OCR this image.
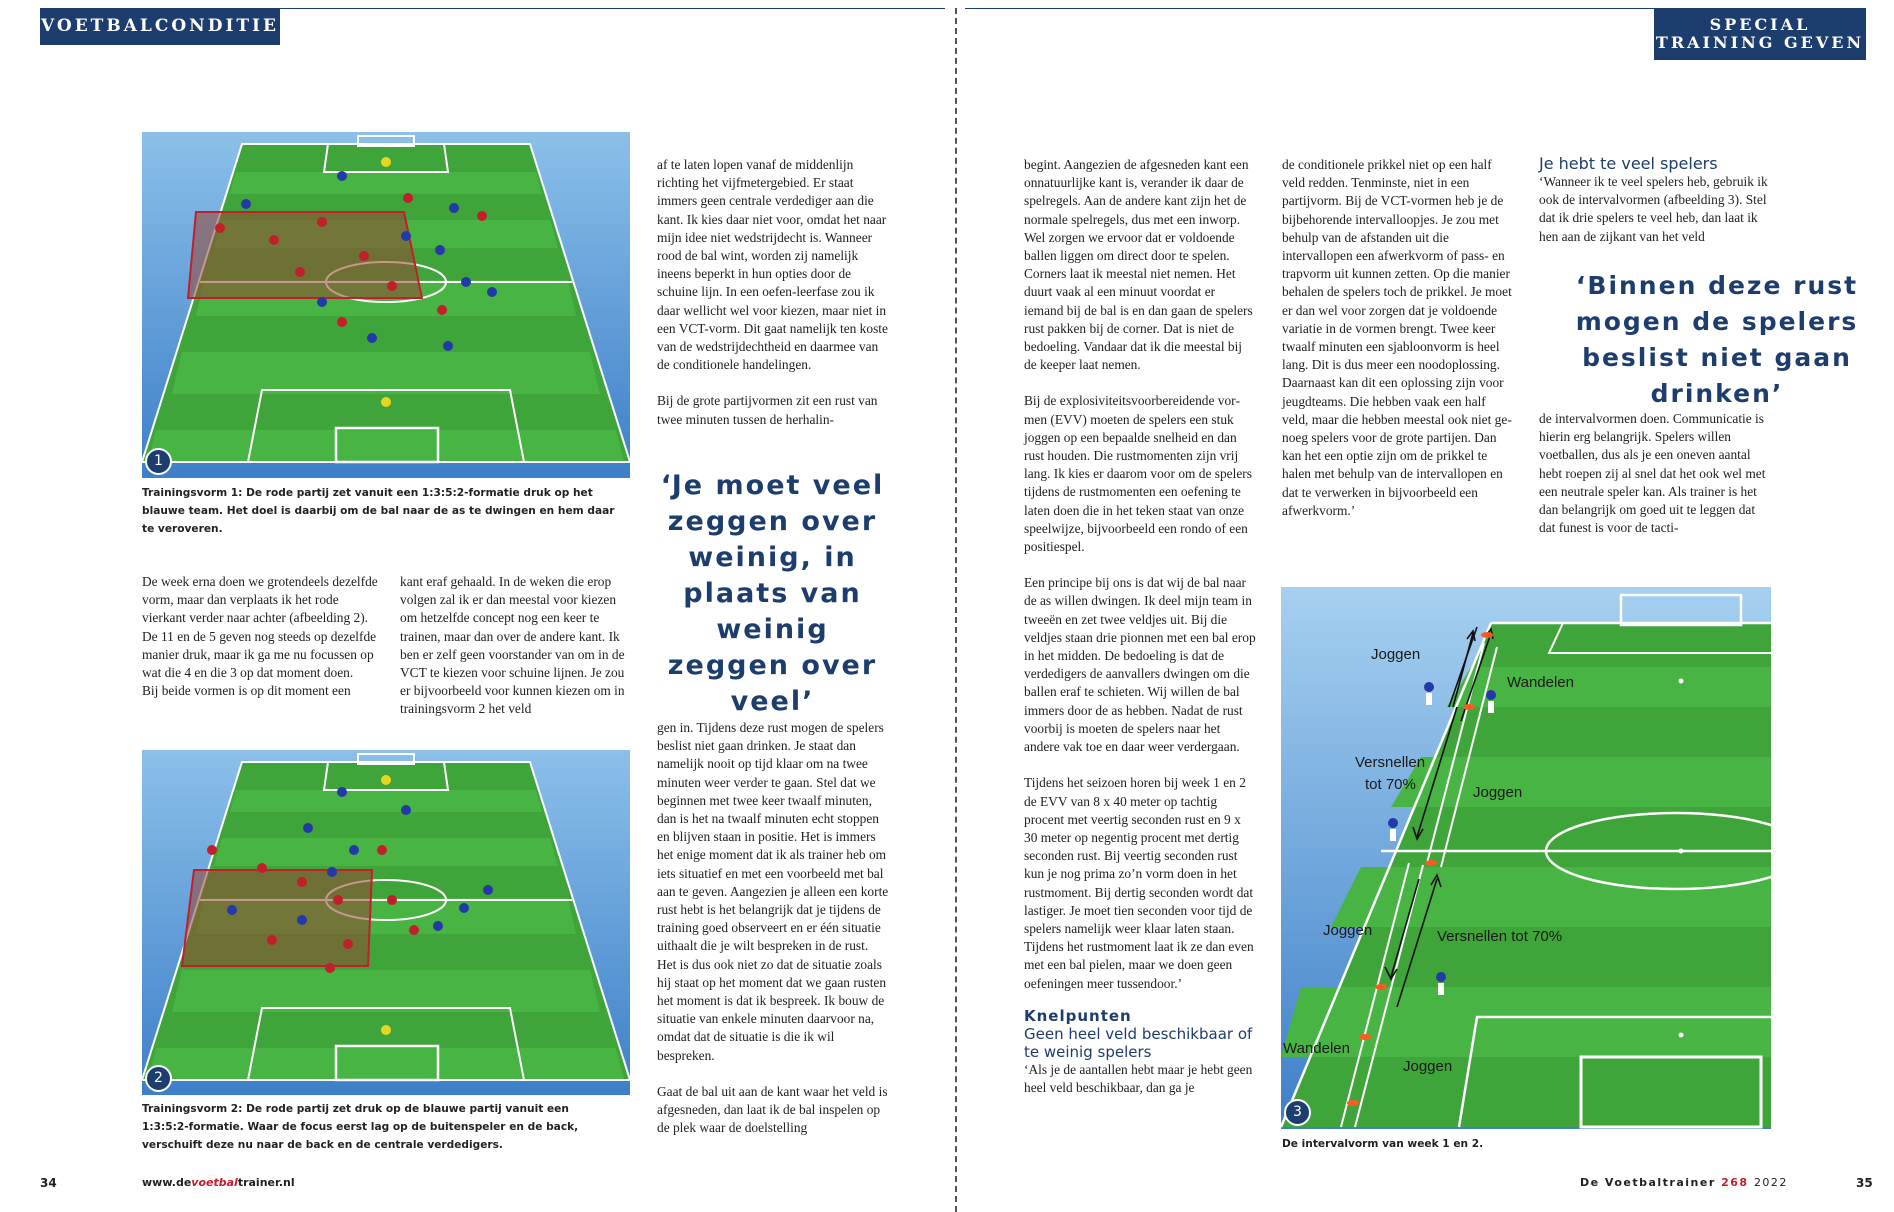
VOETBALCONDITIE	SPECIAL
TRAINING GEVEN
1
Trainingsvorm 1: De rode partij zet vanuit een 1:3:5:2-formatie druk op het blauwe team. Het doel is daarbij om de bal naar de as te dwingen en hem daar te veroveren.

De week erna doen we grotendeels dezelfde vorm, maar dan verplaats ik het rode vierkant verder naar achter (afbeelding 2). De 11 en de 5 geven nog steeds op dezelfde manier druk, maar ik ga me nu focussen op wat die 4 en die 3 op dat moment doen.

Bij beide vormen is op dit moment een

kant eraf gehaald. In de weken die erop volgen zal ik er dan meestal voor kiezen om hetzelfde concept nog een keer te trainen, maar dan over de andere kant. Ik ben er zelf geen voorstander van om in de VCT te kiezen voor schuine lijnen. Je zou er bijvoorbeeld voor kunnen kiezen om in trainingsvorm 2 het veld

2
Trainingsvorm 2: De rode partij zet druk op de blauwe partij vanuit een 1:3:5:2-formatie. Waar de focus eerst lag op de buitenspeler en de back, verschuift deze nu naar de back en de centrale verdedigers.

af te laten lopen vanaf de middenlijn richting het vijfmetergebied. Er staat immers geen centrale verdediger aan die kant. Ik kies daar niet voor, omdat het naar mijn idee niet wedstrijdecht is. Wanneer rood de bal wint, worden zij namelijk ineens beperkt in hun opties door de schuine lijn. In een oefen-leerfase zou ik daar wellicht wel voor kiezen, maar niet in een VCT-vorm. Dit gaat namelijk ten koste van de wedstrijdechtheid en daarmee van de conditionele handelingen.

Bij de grote partijvormen zit een rust van twee minuten tussen de herhalin-

‘Je moet veel zeggen over weinig, in plaats van weinig zeggen over veel’

gen in. Tijdens deze rust mogen de spelers beslist niet gaan drinken. Je staat dan namelijk nooit op tijd klaar om na twee minuten weer verder te gaan. Stel dat we beginnen met twee keer twaalf minuten, dan is het na twaalf minuten echt stoppen en blijven staan in positie. Het is immers het enige moment dat ik als trainer heb om iets situatief en met een voorbeeld met bal aan te geven. Aangezien je alleen een korte rust hebt is het belangrijk dat je tijdens de training goed observeert en er één situatie uithaalt die je wilt bespreken in de rust. Het is dus ook niet zo dat de situatie zoals hij staat op het moment dat we gaan rusten het moment is dat ik bespreek. Ik bouw de situatie van enkele minuten daarvoor na, omdat dat de situatie is die ik wil bespreken.

Gaat de bal uit aan de kant waar het veld is afgesneden, dan laat ik de bal inspelen op de plek waar de doelstelling

begint. Aangezien de afgesneden kant een onnatuurlijke kant is, verander ik daar de spelregels. Aan de andere kant zijn het de normale spelregels, dus met een inworp. Wel zorgen we ervoor dat er voldoende ballen liggen om direct door te spelen. Corners laat ik meestal niet nemen. Het duurt vaak al een minuut voordat er iemand bij de bal is en dan gaan de spelers rust pakken bij de corner. Dat is niet de bedoeling. Vandaar dat ik die meestal bij de keeper laat nemen.

Bij de explosiviteitsvoorbereidende vormen (EVV) moeten de spelers een stuk joggen op een bepaalde snelheid en dan rust houden. Die rustmomenten zijn vrij lang. Ik kies er daarom voor om de spelers tijdens de rustmomenten een oefening te laten doen die in het teken staat van onze speelwijze, bijvoorbeeld een rondo of een positiespel.

Een principe bij ons is dat wij de bal naar de as willen dwingen. Ik deel mijn team in tweeën en zet twee veldjes uit. Bij die veldjes staan drie pionnen met een bal erop in het midden. De bedoeling is dat de verdedigers de aanvallers dwingen om die ballen eraf te schieten. Wij willen de bal immers door de as hebben. Nadat de rust voorbij is moeten de spelers naar het andere vak toe en daar weer verdergaan.

Tijdens het seizoen horen bij week 1 en 2 de EVV van 8 x 40 meter op tachtig procent met veertig seconden rust en 9 x 30 meter op negentig procent met dertig seconden rust. Bij veertig seconden rust kun je nog prima zo’n vorm doen in het rustmoment. Bij dertig seconden wordt dat lastiger. Je moet tien seconden voor tijd de spelers namelijk weer klaar laten staan. Tijdens het rustmoment laat ik ze dan even met een bal pielen, maar we doen geen oefeningen meer tussendoor.’

Knelpunten
Geen heel veld beschikbaar of te weinig spelers

‘Als je de aantallen hebt maar je hebt geen heel veld beschikbaar, dan ga je

de conditionele prikkel niet op een half veld redden. Tenminste, niet in een partijvorm. Bij de VCT-vormen heb je de bijbehorende intervalloopjes. Je zou met behulp van de afstanden uit die intervallopen een afwerkvorm of pass- en trapvorm uit kunnen zetten. Op die manier behalen de spelers toch de prikkel. Je moet er dan wel voor zorgen dat je voldoende variatie in de vormen brengt. Twee keer twaalf minuten een sjabloonvorm is heel lang. Dit is dus meer een noodoplossing. Daarnaast kan dit een oplossing zijn voor jeugdteams. Die hebben vaak een half veld, maar die hebben meestal ook niet genoeg spelers voor de grote partijen. Dan kan het een optie zijn om de prikkel te halen met behulp van de intervallopen en dat te verwerken in bijvoorbeeld een afwerkvorm.’

Je hebt te veel spelers

‘Wanneer ik te veel spelers heb, gebruik ik ook de intervalvormen (afbeelding 3). Stel dat ik drie spelers te veel heb, dan laat ik hen aan de zijkant van het veld

‘Binnen deze rust mogen de spelers beslist niet gaan drinken’

de intervalvormen doen. Communicatie is hierin erg belangrijk. Spelers willen voetballen, dus als je een oneven aantal hebt roepen zij al snel dat het ook wel met een neutrale speler kan. Als trainer is het dan belangrijk om goed uit te leggen dat dat funest is voor de tacti-

Joggen
Wandelen
Versnellen
tot 70%	Joggen
Joggen	Versnellen tot 70%
Wandelen
Joggen
3
De intervalvorm van week 1 en 2.
34	www.devoetbaltrainer.nl	De Voetbaltrainer 268 2022	35
